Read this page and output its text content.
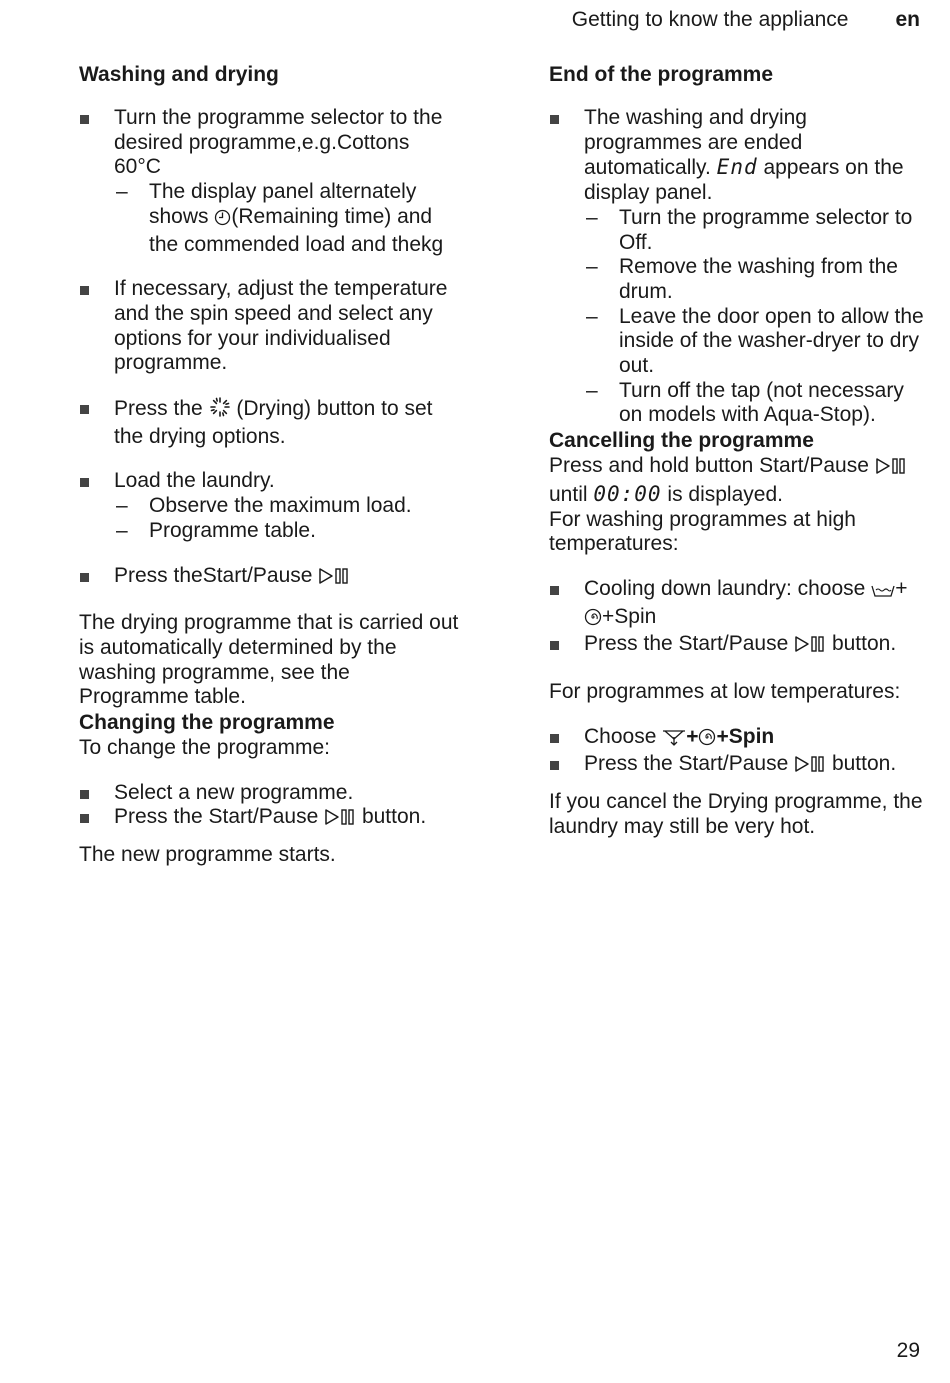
Getting to know the appliance en
Washing and drying
Turn the programme selector to the desired programme,e.g.Cottons 60°C
– The display panel alternately shows (Remaining time) and the commended load and thekg
If necessary, adjust the temperature and the spin speed and select any options for your individualised programme.
Press the  (Drying) button to set the drying options.
Load the laundry.
– Observe the maximum load.
– Programme table.
Press theStart/Pause

The drying programme that is carried out is automatically determined by the washing programme, see the Programme table.

Changing the programme

To change the programme:

Select a new programme.
Press the Start/Pause  button.

The new programme starts.

End of the programme
The washing and drying programmes are ended automatically. End appears on the display panel.
– Turn the programme selector to Off.
– Remove the washing from the drum.
– Leave the door open to allow the inside of the washer-dryer to dry out.
– Turn off the tap (not necessary on models with Aqua-Stop).
Cancelling the programme

Press and hold button Start/Pause  until 00:00 is displayed.

For washing programmes at high temperatures:

Cooling down laundry: choose ++Spin
Press the Start/Pause  button.

For programmes at low temperatures:

Choose + +Spin
Press the Start/Pause  button.

If you cancel the Drying programme, the laundry may still be very hot.

29
